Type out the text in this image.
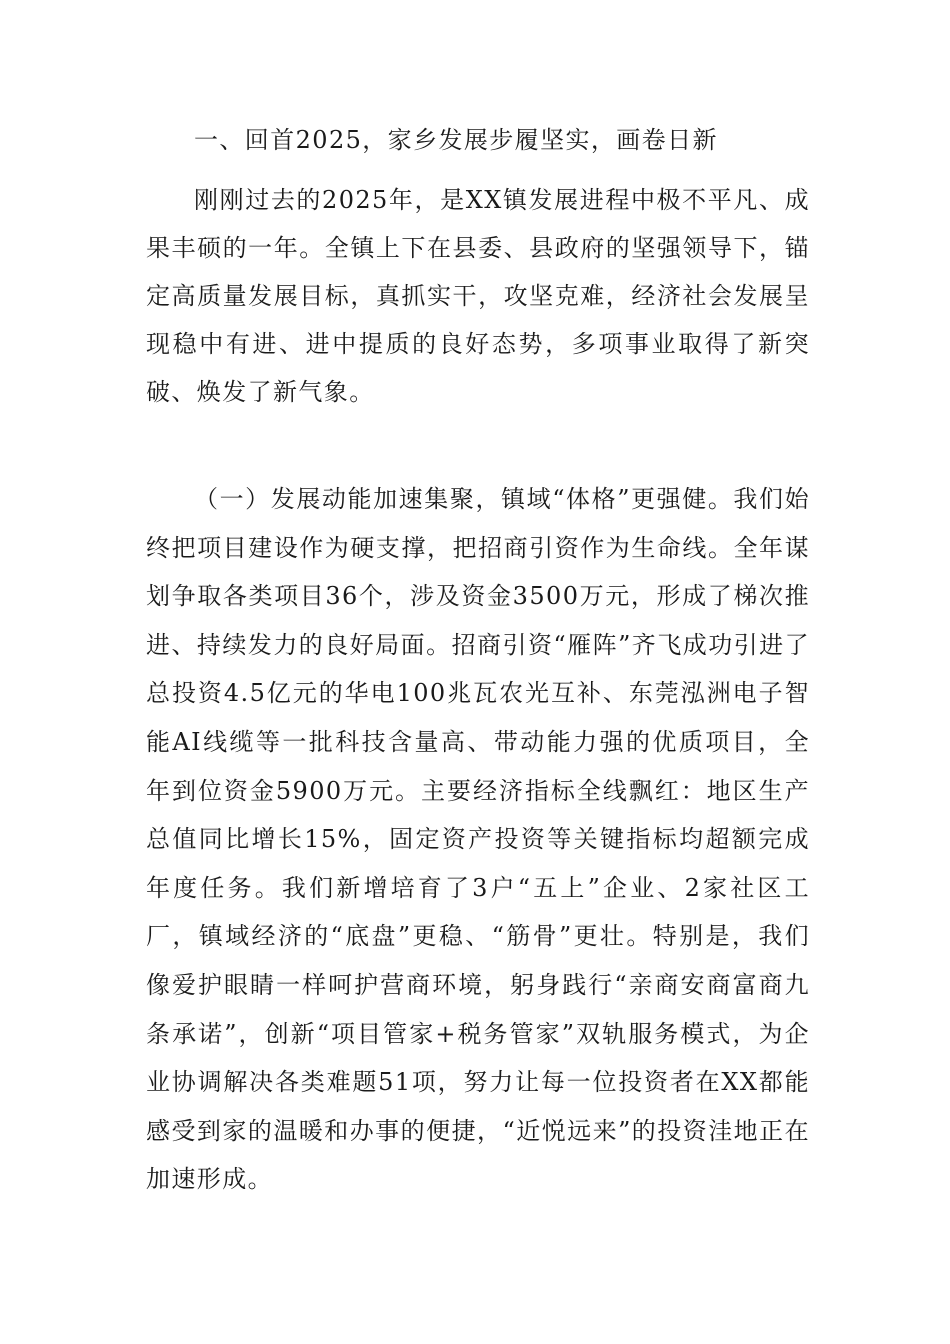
一、回首2025，家乡发展步履坚实，画卷日新

刚刚过去的2025年，是XX镇发展进程中极不平凡、成果丰硕的一年。全镇上下在县委、县政府的坚强领导下，锚定高质量发展目标，真抓实干，攻坚克难，经济社会发展呈现稳中有进、进中提质的良好态势，多项事业取得了新突破、焕发了新气象。

（一）发展动能加速集聚，镇域“体格”更强健。我们始终把项目建设作为硬支撑，把招商引资作为生命线。全年谋划争取各类项目36个，涉及资金3500万元，形成了梯次推进、持续发力的良好局面。招商引资“雁阵”齐飞成功引进了总投资4.5亿元的华电100兆瓦农光互补、东莞泓洲电子智能AI线缆等一批科技含量高、带动能力强的优质项目，全年到位资金5900万元。主要经济指标全线飘红：地区生产总值同比增长15%，固定资产投资等关键指标均超额完成年度任务。我们新增培育了3户“五上”企业、2家社区工厂，镇域经济的“底盘”更稳、“筋骨”更壮。特别是，我们像爱护眼睛一样呵护营商环境，躬身践行“亲商安商富商九条承诺”，创新“项目管家+税务管家”双轨服务模式，为企业协调解决各类难题51项，努力让每一位投资者在XX都能感受到家的温暖和办事的便捷，“近悦远来”的投资洼地正在加速形成。
